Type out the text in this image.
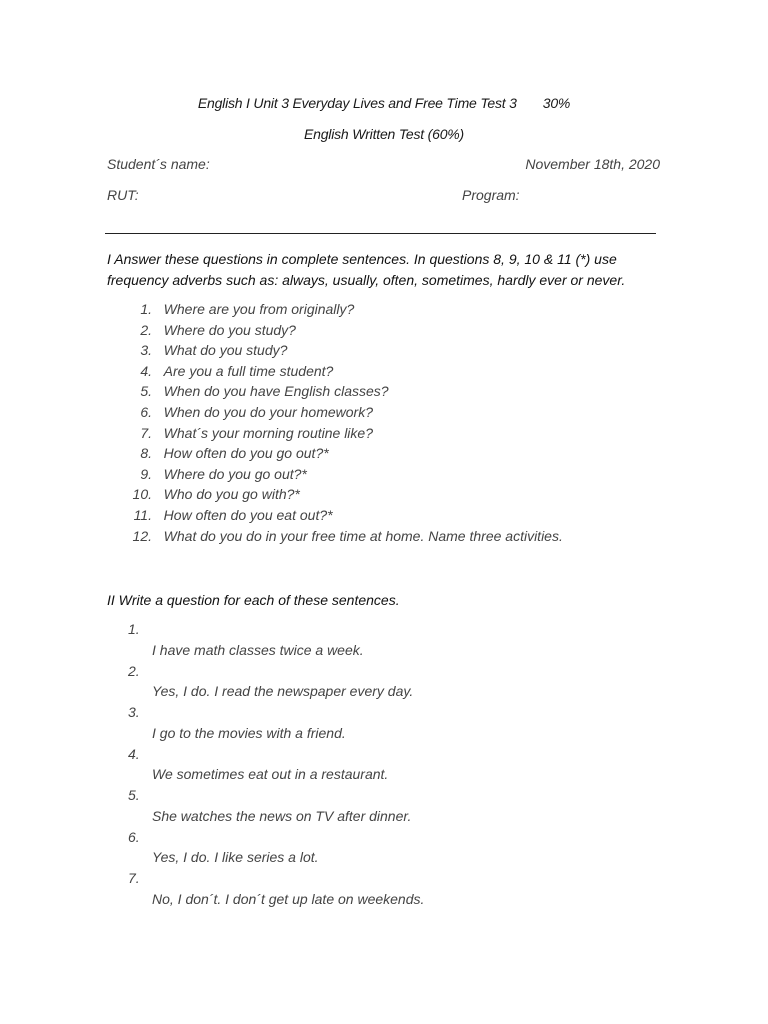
English I Unit 3 Everyday Lives and Free Time Test 3 30%
English Written Test (60%)
Student´s name:	November 18th, 2020
RUT:	Program:
I Answer these questions in complete sentences. In questions 8, 9, 10 & 11 (*) use frequency adverbs such as: always, usually, often, sometimes, hardly ever or never.
1. Where are you from originally?
2. Where do you study?
3. What do you study?
4. Are you a full time student?
5. When do you have English classes?
6. When do you do your homework?
7. What´s your morning routine like?
8. How often do you go out?*
9. Where do you go out?*
10. Who do you go with?*
11. How often do you eat out?*
12. What do you do in your free time at home. Name three activities.
II Write a question for each of these sentences.
1.
I have math classes twice a week.
2.
Yes, I do. I read the newspaper every day.
3.
I go to the movies with a friend.
4.
We sometimes eat out in a restaurant.
5.
She watches the news on TV after dinner.
6.
Yes, I do. I like series a lot.
7.
No, I don´t. I don´t get up late on weekends.
